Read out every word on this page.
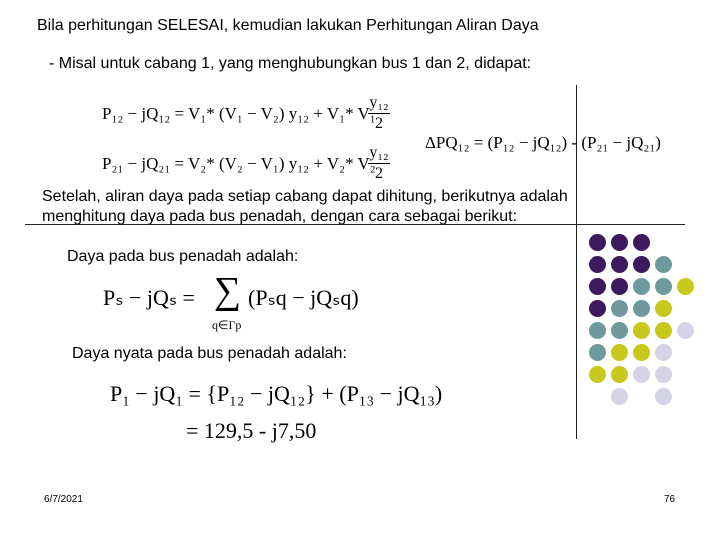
Bila perhitungan SELESAI, kemudian lakukan Perhitungan Aliran Daya
- Misal untuk cabang 1, yang menghubungkan bus 1 dan 2, didapat:
P₁₂ − jQ₁₂ = V₁* (V₁ − V₂) y₁₂ + V₁* V₁
y₁₂
2
P₂₁ − jQ₂₁ = V₂* (V₂ − V₁) y₁₂ + V₂* V₂
y₁₂
2
ΔPQ₁₂ = (P₁₂ − jQ₁₂) - (P₂₁ − jQ₂₁)
Setelah, aliran daya pada setiap cabang dapat dihitung, berikutnya adalah
menghitung daya pada bus penadah, dengan cara sebagai berikut:
Daya pada bus penadah adalah:
Pₛ − jQₛ = ∑
q∈Γp
(Pₛq − jQₛq)
Daya nyata pada bus penadah adalah:
P₁ − jQ₁ = {P₁₂ − jQ₁₂} + (P₁₃ − jQ₁₃)
= 129,5 - j7,50
6/7/2021	76
